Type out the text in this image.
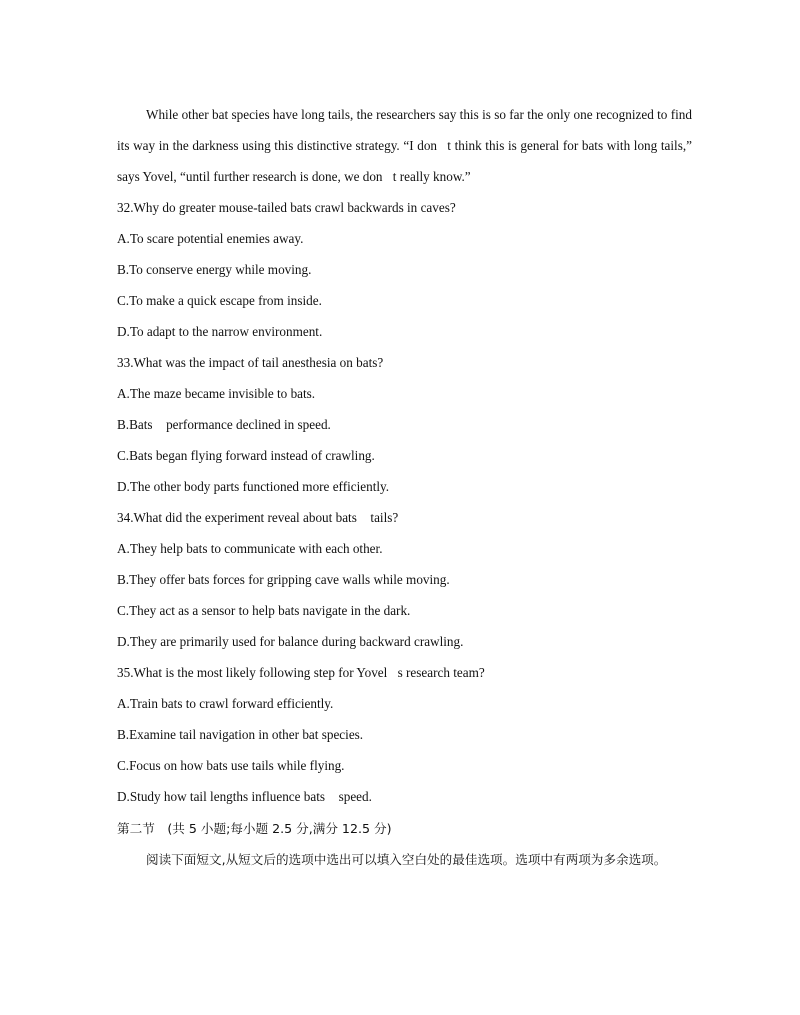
While other bat species have long tails, the researchers say this is so far the only one recognized to find its way in the darkness using this distinctive strategy. “I don t think this is general for bats with long tails,” says Yovel, “until further research is done, we don t really know.”

32.Why do greater mouse-tailed bats crawl backwards in caves?
A.To scare potential enemies away.
B.To conserve energy while moving.
C.To make a quick escape from inside.
D.To adapt to the narrow environment.
33.What was the impact of tail anesthesia on bats?
A.The maze became invisible to bats.
B.Bats  performance declined in speed.
C.Bats began flying forward instead of crawling.
D.The other body parts functioned more efficiently.
34.What did the experiment reveal about bats  tails?
A.They help bats to communicate with each other.
B.They offer bats forces for gripping cave walls while moving.
C.They act as a sensor to help bats navigate in the dark.
D.They are primarily used for balance during backward crawling.
35.What is the most likely following step for Yovel s research team?
A.Train bats to crawl forward efficiently.
B.Examine tail navigation in other bat species.
C.Focus on how bats use tails while flying.
D.Study how tail lengths influence bats  speed.
第二节　(共 5 小题;每小题 2.5 分,满分 12.5 分)

阅读下面短文,从短文后的选项中选出可以填入空白处的最佳选项。选项中有两项为多余选项。
